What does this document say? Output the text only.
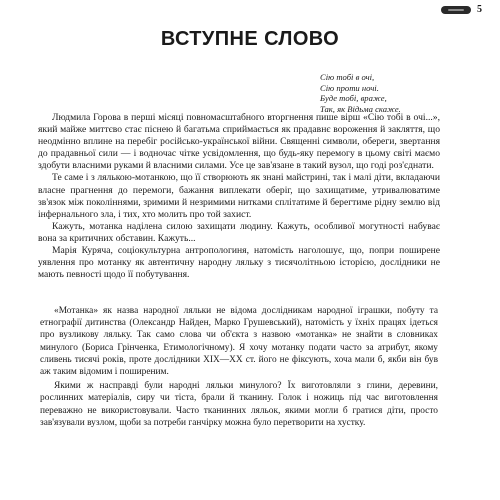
5
ВСТУПНЕ СЛОВО
Сію тобі в очі,
Сію проти ночі.
Буде тобі, враже,
Так, як Відьма скаже.

Людмила Горова в перші місяці повномасштабного вторгнення пише вірш «Сію тобі в очі...», який майже миттєво стає піснею й багатьма сприймається як прадавнє вороження й закляття, що неодмінно вплине на перебіг російсько-української війни. Священні символи, обереги, звертання до прадавньої сили — і водночас чітке усвідомлення, що будь-яку перемогу в цьому світі маємо здобути власними руками й власними силами. Усе це зав'язане в такий вузол, що годі роз'єднати.

Те саме і з лялькою-мотанкою, що її створюють як знані майстрині, так і малі діти, вкладаючи власне прагнення до перемоги, бажання виплекати оберіг, що захищатиме, утривалюватиме зв'язок між поколіннями, зримими й незримими нитками сплітатиме й берегтиме рідну землю від інфернального зла, і тих, хто молить про той захист.

Кажуть, мотанка наділена силою захищати людину. Кажуть, особливої могутності набуває вона за критичних обставин. Кажуть...

Марія Куряча, соціокультурна антропологиня, натомість наголошує, що, попри поширене уявлення про мотанку як автентичну народну ляльку з тисячолітньою історією, дослідники не мають певності щодо її побутування.

«Мотанка» як назва народної ляльки не відома дослідникам народної іграшки, побуту та етнографії дитинства (Олександр Найден, Марко Грушевський), натомість у їхніх працях ідеться про вузликову ляльку. Так само слова чи об'єкта з назвою «мотанка» не знайти в словниках минулого (Бориса Грінченка, Етимологічному). Я хочу мотанку подати часто за атрибут, якому сливень тисячі років, проте дослідники XIX—XX ст. його не фіксують, хоча мали б, якби він був аж таким відомим і поширеним.

Якими ж насправді були народні ляльки минулого? Їх виготовляли з глини, деревини, рослинних матеріалів, сиру чи тіста, брали й тканину. Голок і ножиць під час виготовлення переважно не використовували. Часто тканинних ляльок, якими могли б гратися діти, просто зав'язували вузлом, щоби за потреби ганчірку можна було перетворити на хустку.
